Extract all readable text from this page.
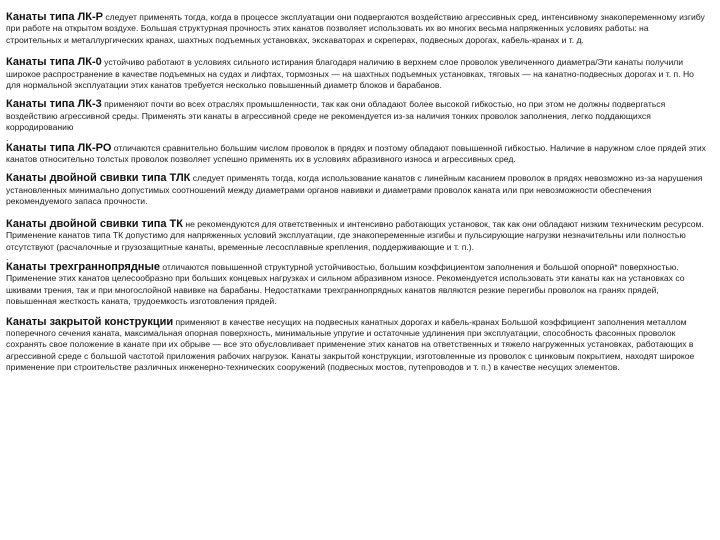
Канаты типа ЛК-Р следует применять тогда, когда в процессе эксплуатации они подвергаются воздействию агрессивных сред, интенсивному знакопеременному изгибу при работе на открытом воздухе. Большая структурная прочность этих канатов позволяет использовать их во многих весьма напряженных условиях работы: на строительных и металлургических кранах, шахтных подъемных установках, экскаваторах и скреперах, подвесных дорогах, кабель-кранах и т. д.

Канаты типа ЛК-0 устойчиво работают в условиях сильного истирания благодаря наличию в верхнем слое проволок увеличенного диаметра/Эти канаты получили широкое распространение в качестве подъемных на судах и лифтах, тормозных — на шахтных подъемных установках, тяговых — на канатно-подвесных дорогах и т. п. Но для нормальной эксплуатации этих канатов требуется несколько повышенный диаметр блоков и барабанов.

Канаты типа ЛК-3 применяют почти во всех отраслях промышленности, так как они обладают более высокой гибкостью, но при этом не должны подвергаться воздействию агрессивной среды. Применять эти канаты в агрессивной среде не рекомендуется из-за наличия тонких проволок заполнения, легко поддающихся корродированию

.

Канаты типа ЛК-РО отличаются сравнительно большим числом проволок в прядях и поэтому обладают повышенной гибкостью. Наличие в наружном слое прядей этих канатов относительно толстых проволок позволяет успешно применять их в условиях абразивного износа и агрессивных сред.

Канаты двойной свивки типа ТЛК следует применять тогда, когда использование канатов с линейным касанием проволок в прядях невозможно из-за нарушения установленных минимально допустимых соотношений между диаметрами органов навивки и диаметрами проволок каната или при невозможности обеспечения рекомендуемого запаса прочности.

Канаты двойной свивки типа ТК не рекомендуются для ответственных и интенсивно работающих установок, так как они обладают низким техническим ресурсом. Применение канатов типа ТК допустимо для напряженных условий эксплуатации, где знакопеременные изгибы и пульсирующие нагрузки незначительны или полностью отсутствуют (расчалочные и грузозащитные канаты, временные лесосплавные крепления, поддерживающие и т. п.).

.

Канаты трехграннопрядные отличаются повышенной структурной устойчивостью, большим коэффициентом заполнения и большой опорной* поверхностью. Применение этих канатов целесообразно при больших концевых нагрузках и сильном абразивном износе. Рекомендуется использовать эти канаты как на установках со шкивами трения, так и при многослойной навивке на барабаны. Недостатками трехграннопрядных канатов являются резкие перегибы проволок на гранях прядей, повышенная жесткость каната, трудоемкость изготовления прядей.

Канаты закрытой конструкции применяют в качестве несущих на подвесных канатных дорогах и кабель-кранах Большой коэффициент заполнения металлом поперечного сечения каната, максимальная опорная поверхность, минимальные упругие и остаточные удлинения при эксплуатации, способность фасонных проволок сохранять свое положение в канате при их обрыве — все это обусловливает применение этих канатов на ответственных и тяжело нагруженных установках, работающих в агрессивной среде с большой частотой приложения рабочих нагрузок. Канаты закрытой конструкции, изготовленные из проволок с цинковым покрытием, находят широкое применение при строительстве различных инженерно-технических сооружений (подвесных мостов, путепроводов и т. п.) в качестве несущих элементов.
